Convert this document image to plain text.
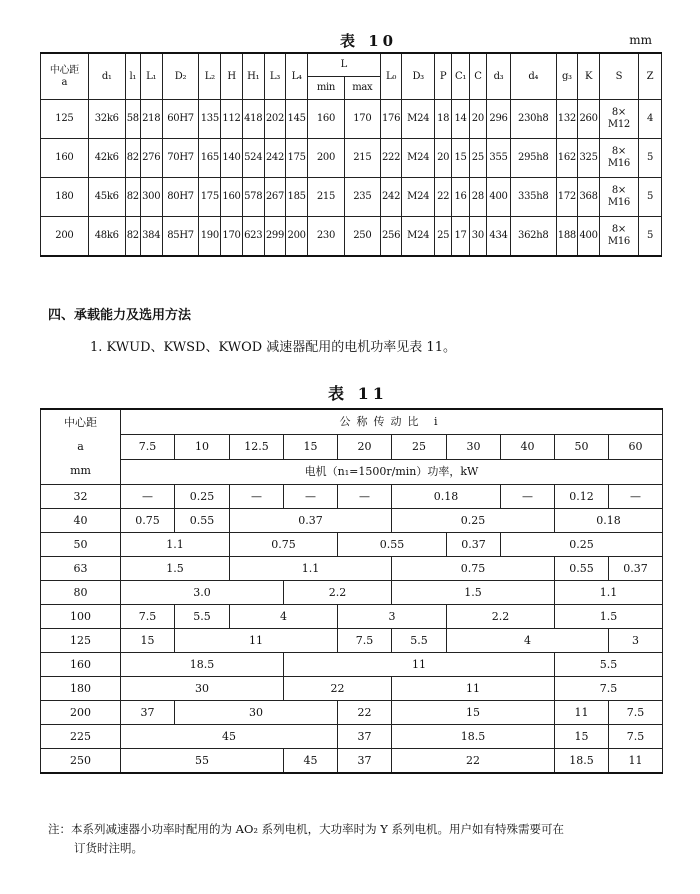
表 10	mm
中心距
a	d₁	l₁	L₁	D₂	L₂	H	H₁	L₃	L₄	L		L₀	D₃	P	C₁	C	d₃	d₄	g₃	K	S	Z
										min	max											
125	32k6	58	218	60H7	135	112	418	202	145	160	170	176	M24	18	14	20	296	230h8	132	260	8×
M12	4
160	42k6	82	276	70H7	165	140	524	242	175	200	215	222	M24	20	15	25	355	295h8	162	325	8×
M16	5
180	45k6	82	300	80H7	175	160	578	267	185	215	235	242	M24	22	16	28	400	335h8	172	368	8×
M16	5
200	48k6	82	384	85H7	190	170	623	299	200	230	250	256	M24	25	17	30	434	362h8	188	400	8×
M16	5
四、承载能力及选用方法
1. KWUD、KWSD、KWOD 减速器配用的电机功率见表 11。
表 11
中心距

a

mm	公称传动比 i									
	7.5	10	12.5	15	20	25	30	40	50	60
	电机（n₁=1500r/min）功率，kW									
32	—	0.25	—	—	—	0.18		—	0.12	—
40	0.75	0.55	0.37			0.25			0.18	
50	1.1		0.75		0.55		0.37	0.25		
63	1.5		1.1			0.75			0.55	0.37
80	3.0			2.2		1.5			1.1	
100	7.5	5.5	4		3		2.2		1.5	
125	15	11			7.5	5.5	4			3
160	18.5			11					5.5	
180	30			22		11			7.5	
200	37	30			22	15			11	7.5
225	45				37	18.5			15	7.5
250	55			45	37	22			18.5	11
注：本系列减速器小功率时配用的为 AO₂ 系列电机，大功率时为 Y 系列电机。用户如有特殊需要可在
订货时注明。
